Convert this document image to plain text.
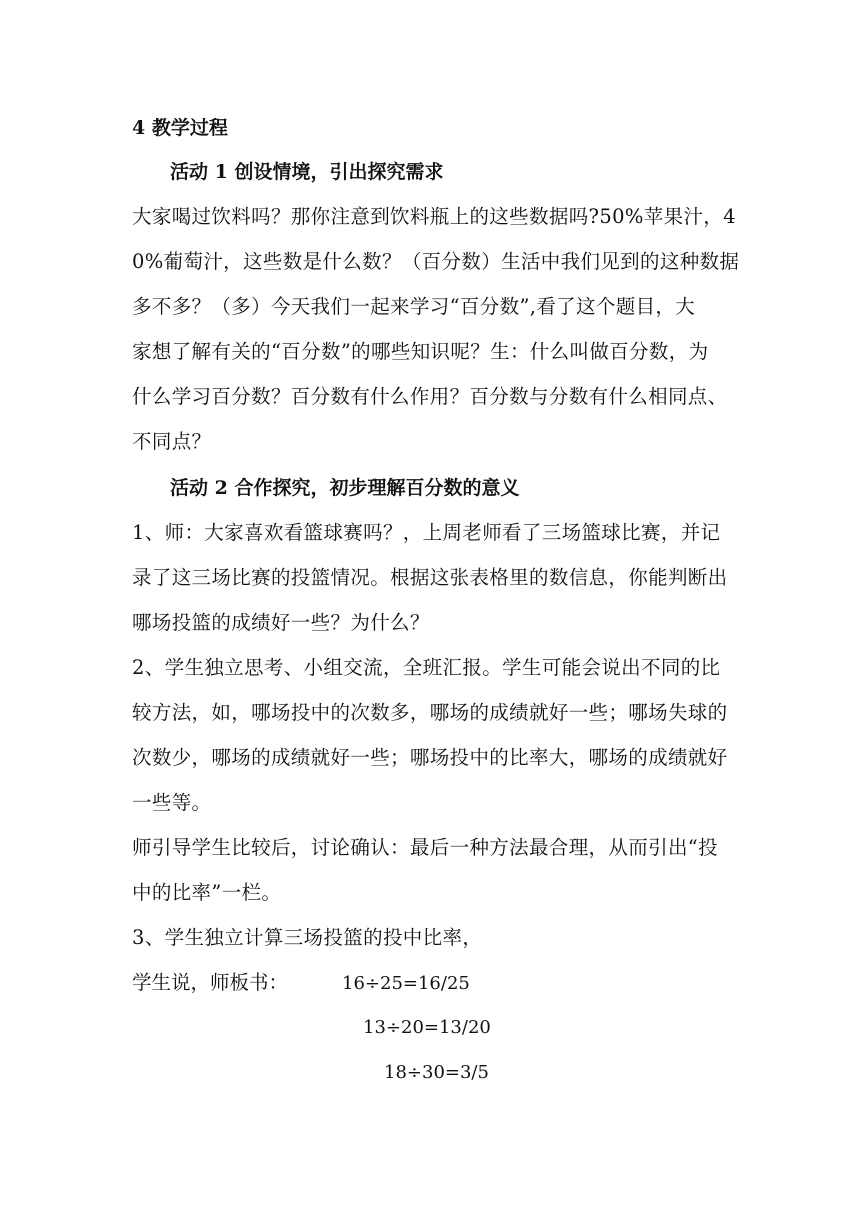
4 教学过程
活动 1 创设情境，引出探究需求
大家喝过饮料吗？那你注意到饮料瓶上的这些数据吗?50%苹果汁，4
0%葡萄汁，这些数是什么数？（百分数）生活中我们见到的这种数据
多不多？（多）今天我们一起来学习“百分数”,看了这个题目，大
家想了解有关的“百分数”的哪些知识呢？生：什么叫做百分数，为
什么学习百分数？百分数有什么作用？百分数与分数有什么相同点、
不同点？
活动 2 合作探究，初步理解百分数的意义
1、师：大家喜欢看篮球赛吗？，上周老师看了三场篮球比赛，并记
录了这三场比赛的投篮情况。根据这张表格里的数信息，你能判断出
哪场投篮的成绩好一些？为什么？
2、学生独立思考、小组交流，全班汇报。学生可能会说出不同的比
较方法，如，哪场投中的次数多，哪场的成绩就好一些；哪场失球的
次数少，哪场的成绩就好一些；哪场投中的比率大，哪场的成绩就好
一些等。
师引导学生比较后，讨论确认：最后一种方法最合理，从而引出“投
中的比率”一栏。
3、学生独立计算三场投篮的投中比率，
学生说，师板书：	16÷25=16/25
13÷20=13/20
18÷30=3/5
